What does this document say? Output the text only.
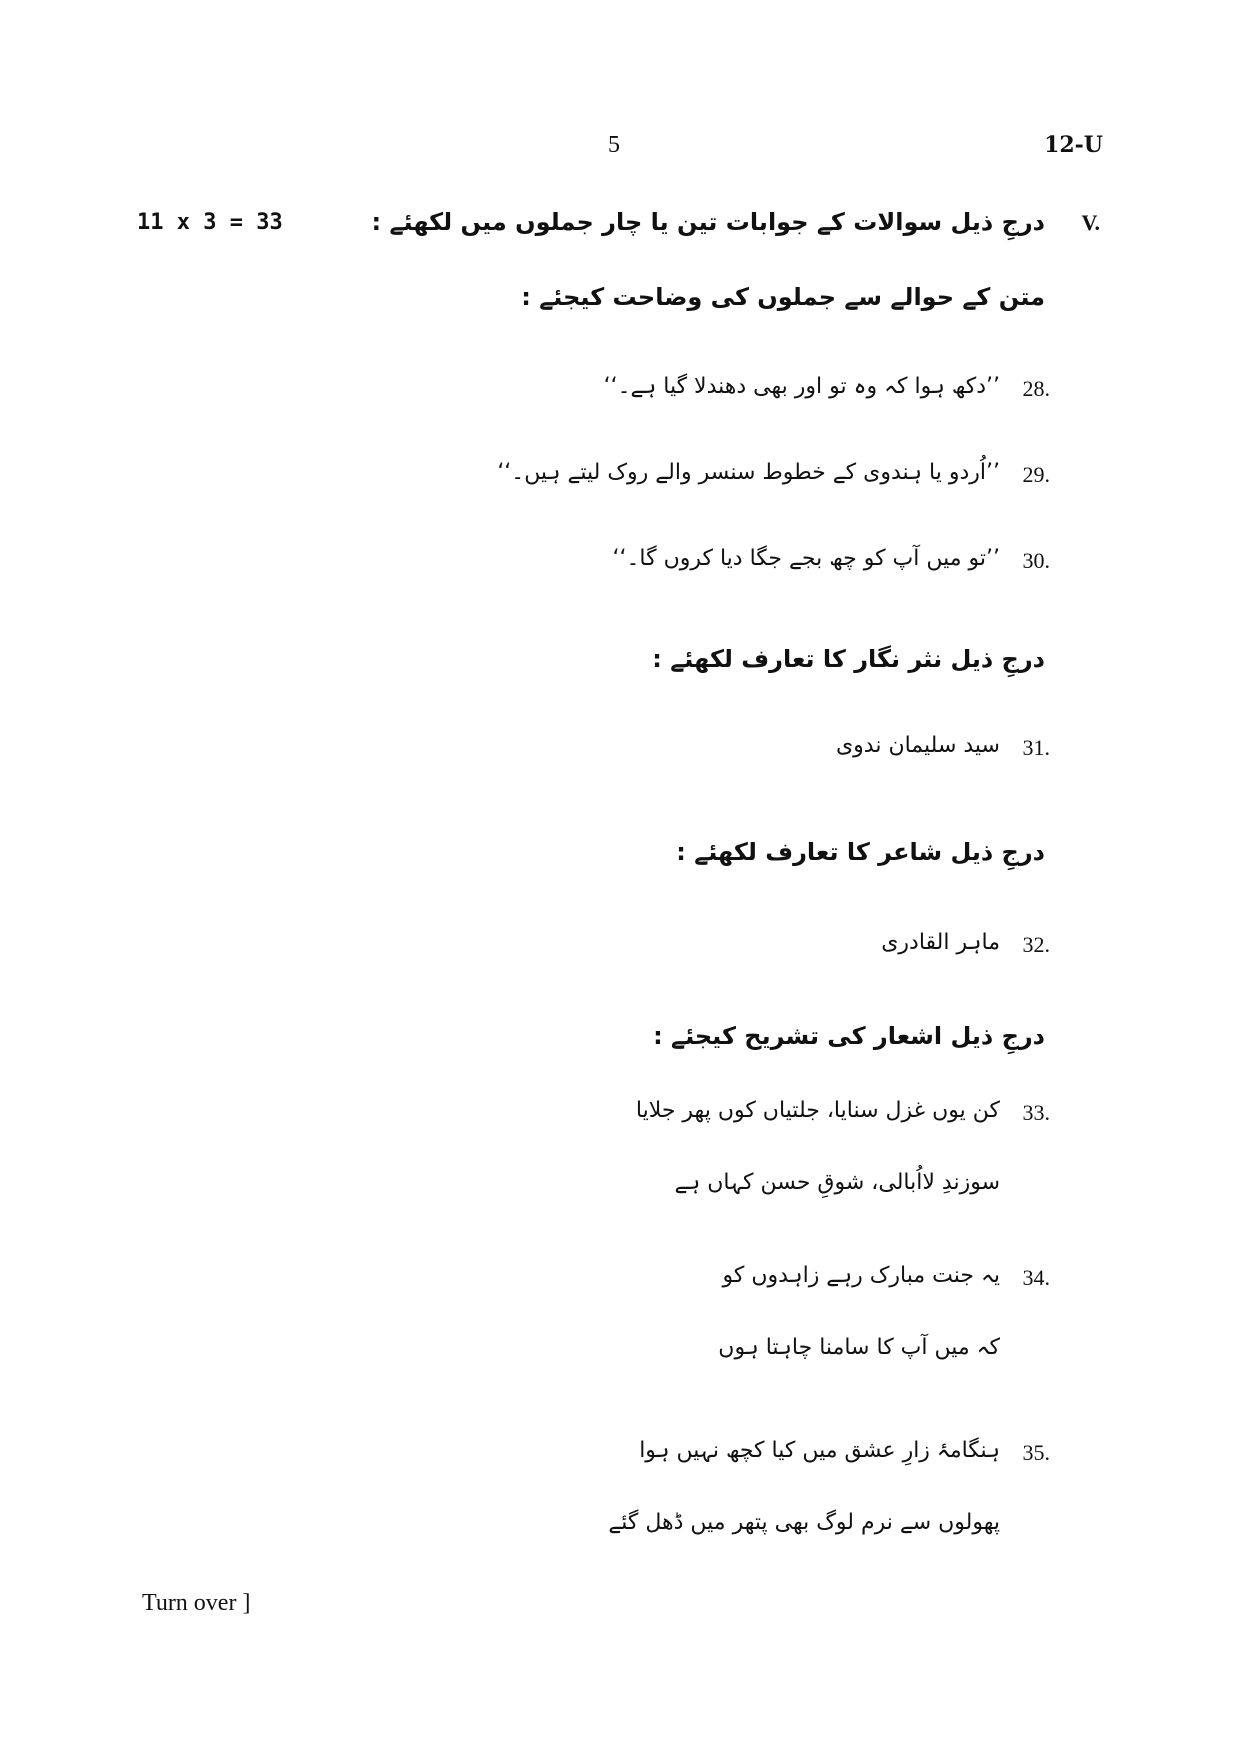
5	12-U
11 x 3 = 33	V.
درجِ ذیل سوالات کے جوابات تین یا چار جملوں میں لکھئے :
متن کے حوالے سے جملوں کی وضاحت کیجئے :
28.
’’دکھ ہوا کہ وہ تو اور بھی دھندلا گیا ہے۔‘‘
29.
’’اُردو یا ہندوی کے خطوط سنسر والے روک لیتے ہیں۔‘‘
30.
’’تو میں آپ کو چھ بجے جگا دیا کروں گا۔‘‘
درجِ ذیل نثر نگار کا تعارف لکھئے :
31.
سید سلیمان ندوی
درجِ ذیل شاعر کا تعارف لکھئے :
32.
ماہر القادری
درجِ ذیل اشعار کی تشریح کیجئے :
33.
کن یوں غزل سنایا، جلتیاں کوں پھر جلایا
سوزندِ لااُبالی، شوقِ حسن کہاں ہے
34.
یہ جنت مبارک رہے زاہدوں کو
کہ میں آپ کا سامنا چاہتا ہوں
35.
ہنگامۂ زارِ عشق میں کیا کچھ نہیں ہوا
پھولوں سے نرم لوگ بھی پتھر میں ڈھل گئے
Turn over ]
